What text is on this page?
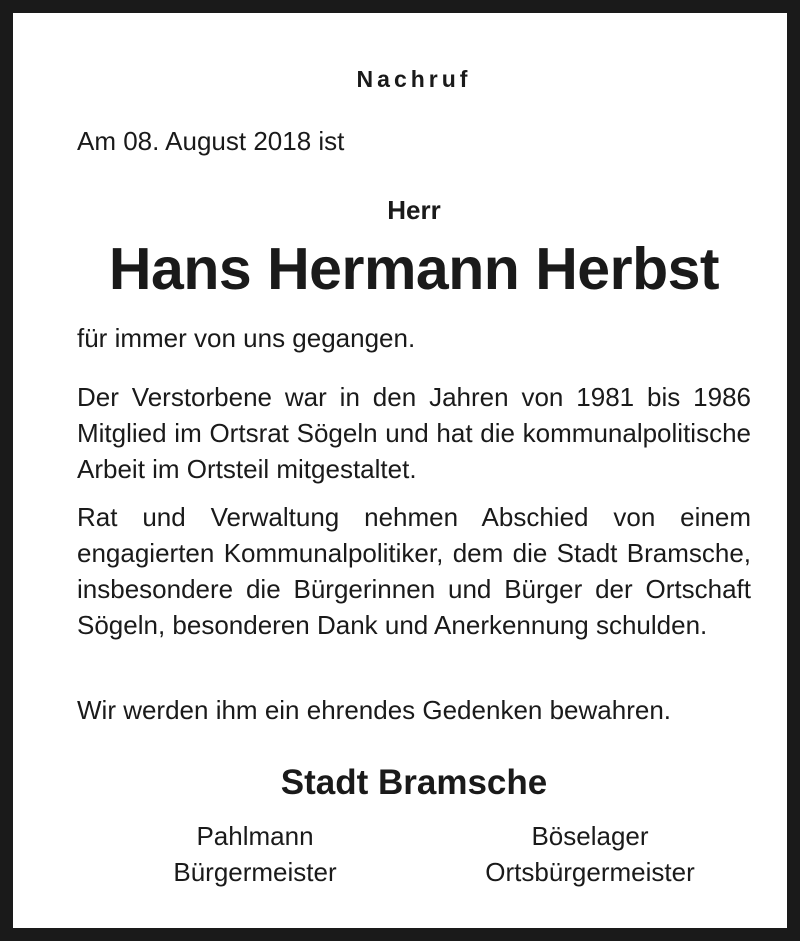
Nachruf
Am 08. August 2018 ist
Herr
Hans Hermann Herbst
für immer von uns gegangen.
Der Verstorbene war in den Jahren von 1981 bis 1986 Mitglied im Ortsrat Sögeln und hat die kommunalpolitische Arbeit im Ortsteil mitgestaltet.
Rat und Verwaltung nehmen Abschied von einem engagierten Kommunalpolitiker, dem die Stadt Bramsche, insbesondere die Bürgerinnen und Bürger der Ortschaft Sögeln, besonderen Dank und Anerkennung schulden.
Wir werden ihm ein ehrendes Gedenken bewahren.
Stadt Bramsche
Pahlmann
Bürgermeister
Böselager
Ortsbürgermeister
